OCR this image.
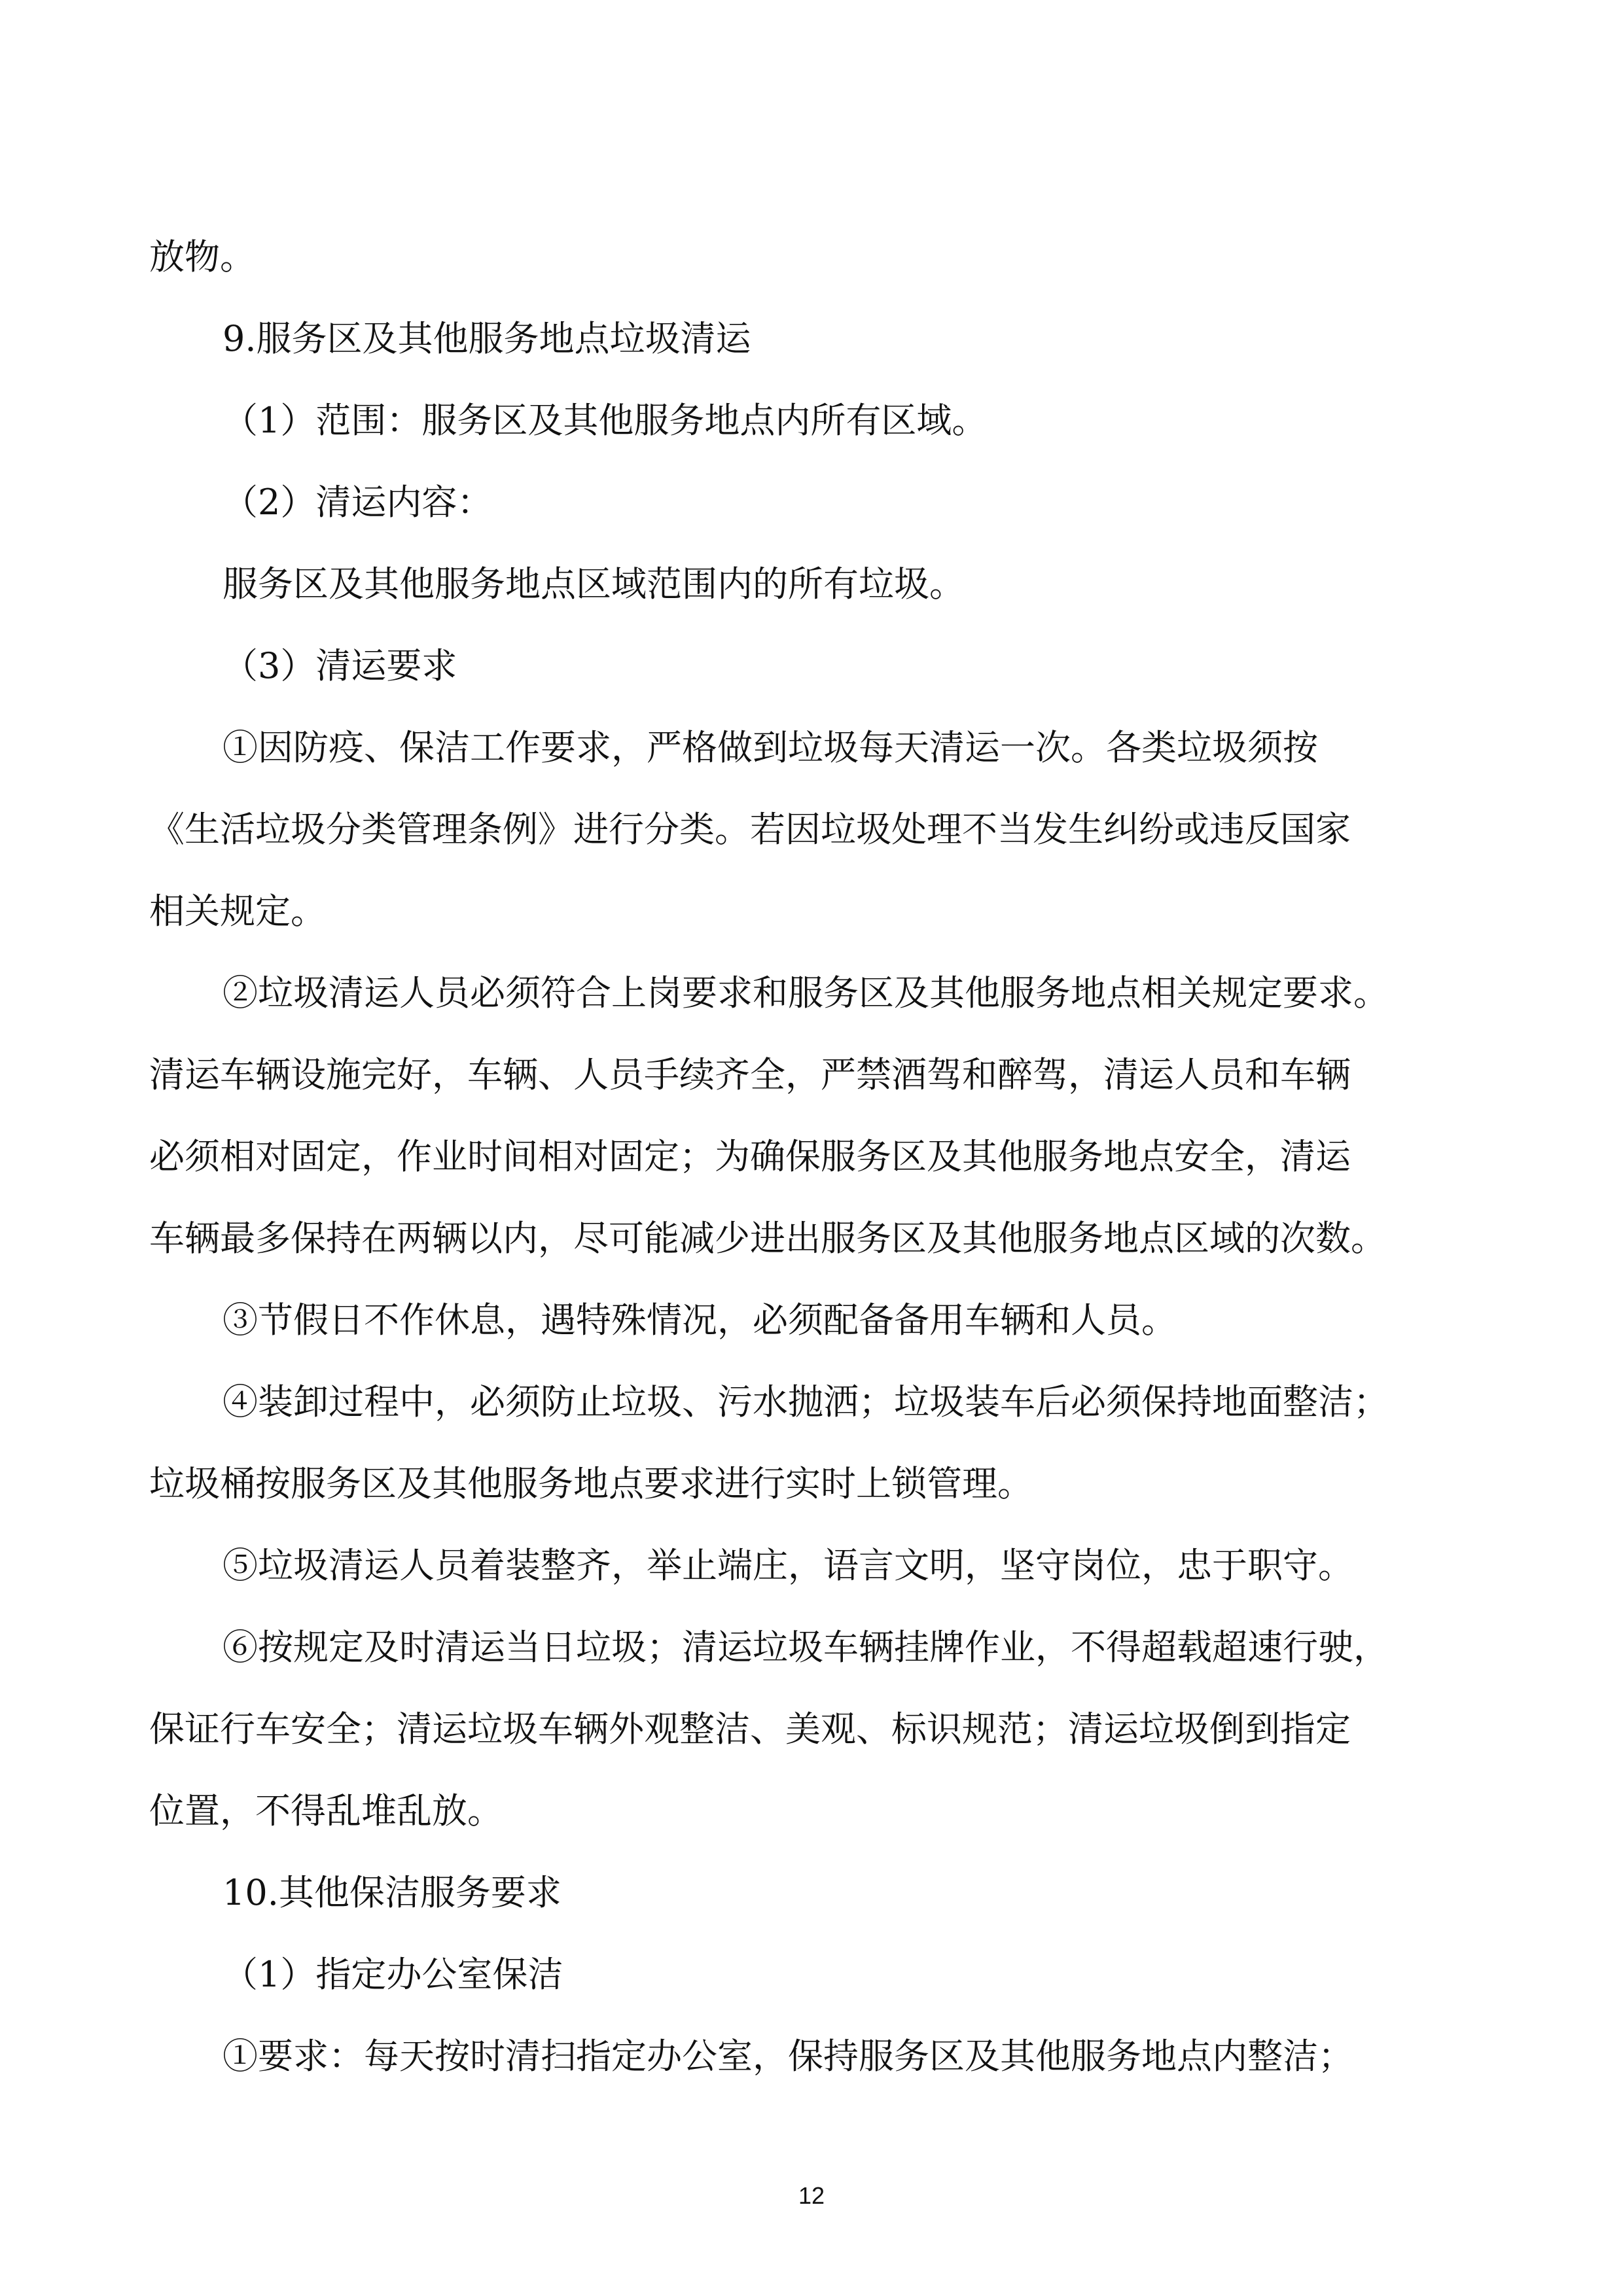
放物。
9.服务区及其他服务地点垃圾清运
（1）范围：服务区及其他服务地点内所有区域。
（2）清运内容：
服务区及其他服务地点区域范围内的所有垃圾。
（3）清运要求
①因防疫、保洁工作要求，严格做到垃圾每天清运一次。各类垃圾须按
《生活垃圾分类管理条例》进行分类。若因垃圾处理不当发生纠纷或违反国家
相关规定。
②垃圾清运人员必须符合上岗要求和服务区及其他服务地点相关规定要求。
清运车辆设施完好，车辆、人员手续齐全，严禁酒驾和醉驾，清运人员和车辆
必须相对固定，作业时间相对固定；为确保服务区及其他服务地点安全，清运
车辆最多保持在两辆以内，尽可能减少进出服务区及其他服务地点区域的次数。
③节假日不作休息，遇特殊情况，必须配备备用车辆和人员。
④装卸过程中，必须防止垃圾、污水抛洒；垃圾装车后必须保持地面整洁；
垃圾桶按服务区及其他服务地点要求进行实时上锁管理。
⑤垃圾清运人员着装整齐，举止端庄，语言文明，坚守岗位，忠于职守。
⑥按规定及时清运当日垃圾；清运垃圾车辆挂牌作业，不得超载超速行驶，
保证行车安全；清运垃圾车辆外观整洁、美观、标识规范；清运垃圾倒到指定
位置，不得乱堆乱放。
10.其他保洁服务要求
（1）指定办公室保洁
①要求：每天按时清扫指定办公室，保持服务区及其他服务地点内整洁；
12
